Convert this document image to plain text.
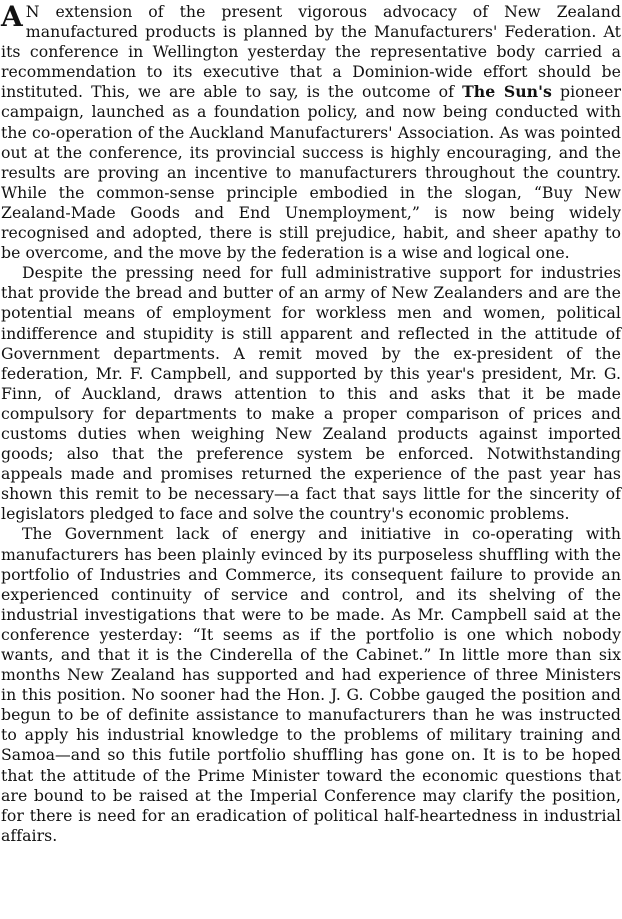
A N extension of the present vigorous advocacy of New Zealand manufactured products is planned by the Manufacturers' Federation. At its conference in Wellington yesterday the representative body carried a recommendation to its executive that a Dominion-wide effort should be instituted. This, we are able to say, is the outcome of The Sun's pioneer campaign, launched as a foundation policy, and now being conducted with the co-operation of the Auckland Manufacturers' Association. As was pointed out at the conference, its provincial success is highly encouraging, and the results are proving an incentive to manufacturers throughout the country. While the common-sense principle embodied in the slogan, “Buy New Zealand-Made Goods and End Unemployment,” is now being widely recognised and adopted, there is still prejudice, habit, and sheer apathy to be overcome, and the move by the federation is a wise and logical one.

Despite the pressing need for full administrative support for industries that provide the bread and butter of an army of New Zealanders and are the potential means of employment for workless men and women, political indifference and stupidity is still apparent and reflected in the attitude of Government departments. A remit moved by the ex-president of the federation, Mr. F. Campbell, and supported by this year's president, Mr. G. Finn, of Auckland, draws attention to this and asks that it be made compulsory for departments to make a proper comparison of prices and customs duties when weighing New Zealand products against imported goods; also that the preference system be enforced. Notwithstanding appeals made and promises returned the experience of the past year has shown this remit to be necessary—a fact that says little for the sincerity of legislators pledged to face and solve the country's economic problems.

The Government lack of energy and initiative in co-operating with manufacturers has been plainly evinced by its purposeless shuffling with the portfolio of Industries and Commerce, its consequent failure to provide an experienced continuity of service and control, and its shelving of the industrial investigations that were to be made. As Mr. Campbell said at the conference yesterday: “It seems as if the portfolio is one which nobody wants, and that it is the Cinderella of the Cabinet.” In little more than six months New Zealand has supported and had experience of three Ministers in this position. No sooner had the Hon. J. G. Cobbe gauged the position and begun to be of definite assistance to manufacturers than he was instructed to apply his industrial knowledge to the problems of military training and Samoa—and so this futile portfolio shuffling has gone on. It is to be hoped that the attitude of the Prime Minister toward the economic questions that are bound to be raised at the Imperial Conference may clarify the position, for there is need for an eradication of political half-heartedness in industrial affairs.
